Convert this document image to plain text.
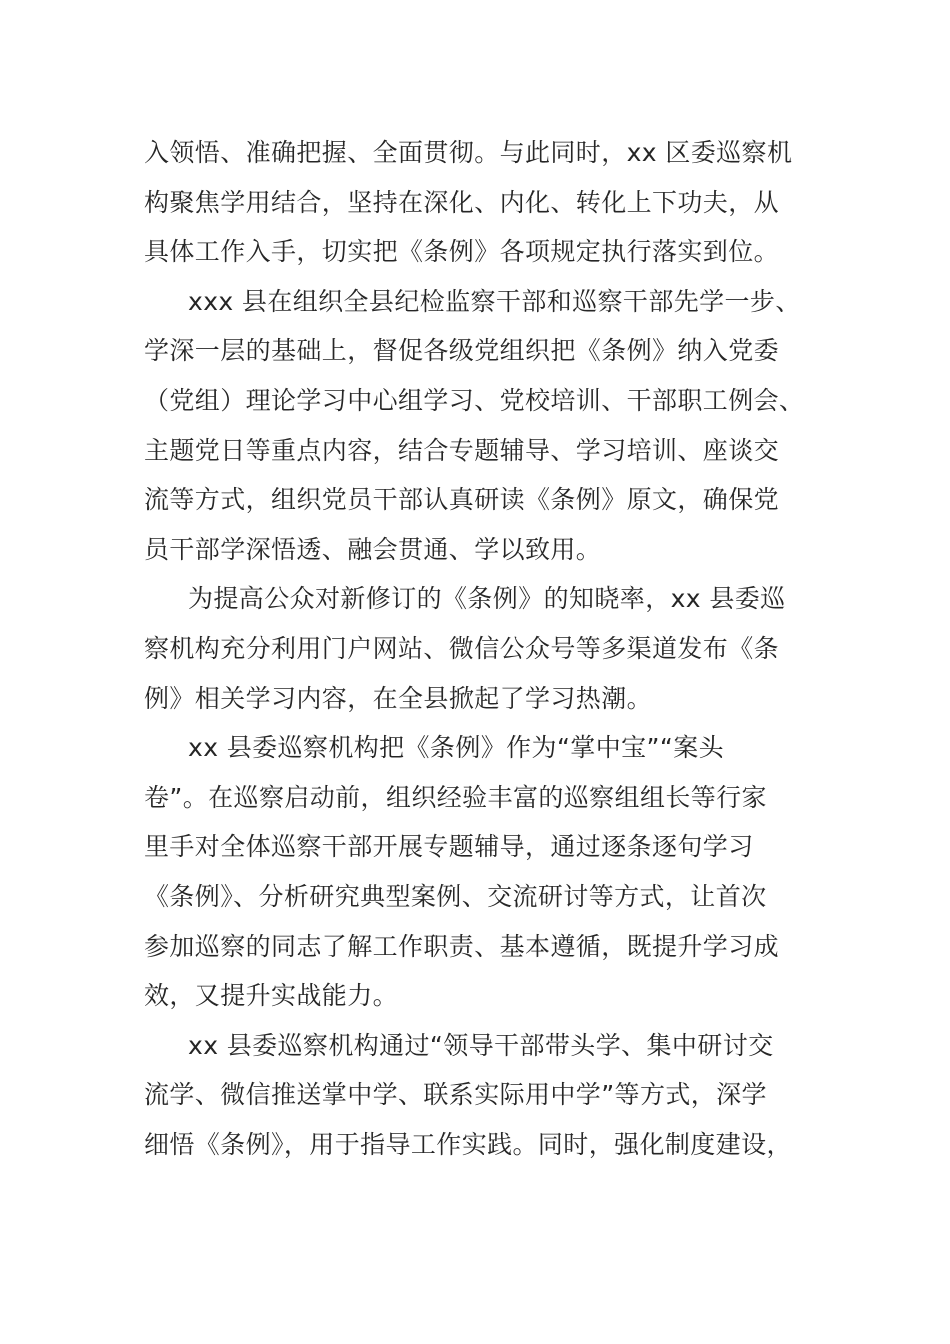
入领悟、准确把握、全面贯彻。与此同时，xx 区委巡察机
构聚焦学用结合，坚持在深化、内化、转化上下功夫，从
具体工作入手，切实把《条例》各项规定执行落实到位。
xxx 县在组织全县纪检监察干部和巡察干部先学一步、
学深一层的基础上，督促各级党组织把《条例》纳入党委
（党组）理论学习中心组学习、党校培训、干部职工例会、
主题党日等重点内容，结合专题辅导、学习培训、座谈交
流等方式，组织党员干部认真研读《条例》原文，确保党
员干部学深悟透、融会贯通、学以致用。
为提高公众对新修订的《条例》的知晓率，xx 县委巡
察机构充分利用门户网站、微信公众号等多渠道发布《条
例》相关学习内容，在全县掀起了学习热潮。
xx 县委巡察机构把《条例》作为“掌中宝”“案头
卷”。在巡察启动前，组织经验丰富的巡察组组长等行家
里手对全体巡察干部开展专题辅导，通过逐条逐句学习
《条例》、分析研究典型案例、交流研讨等方式，让首次
参加巡察的同志了解工作职责、基本遵循，既提升学习成
效，又提升实战能力。
xx 县委巡察机构通过“领导干部带头学、集中研讨交
流学、微信推送掌中学、联系实际用中学”等方式，深学
细悟《条例》，用于指导工作实践。同时，强化制度建设，
